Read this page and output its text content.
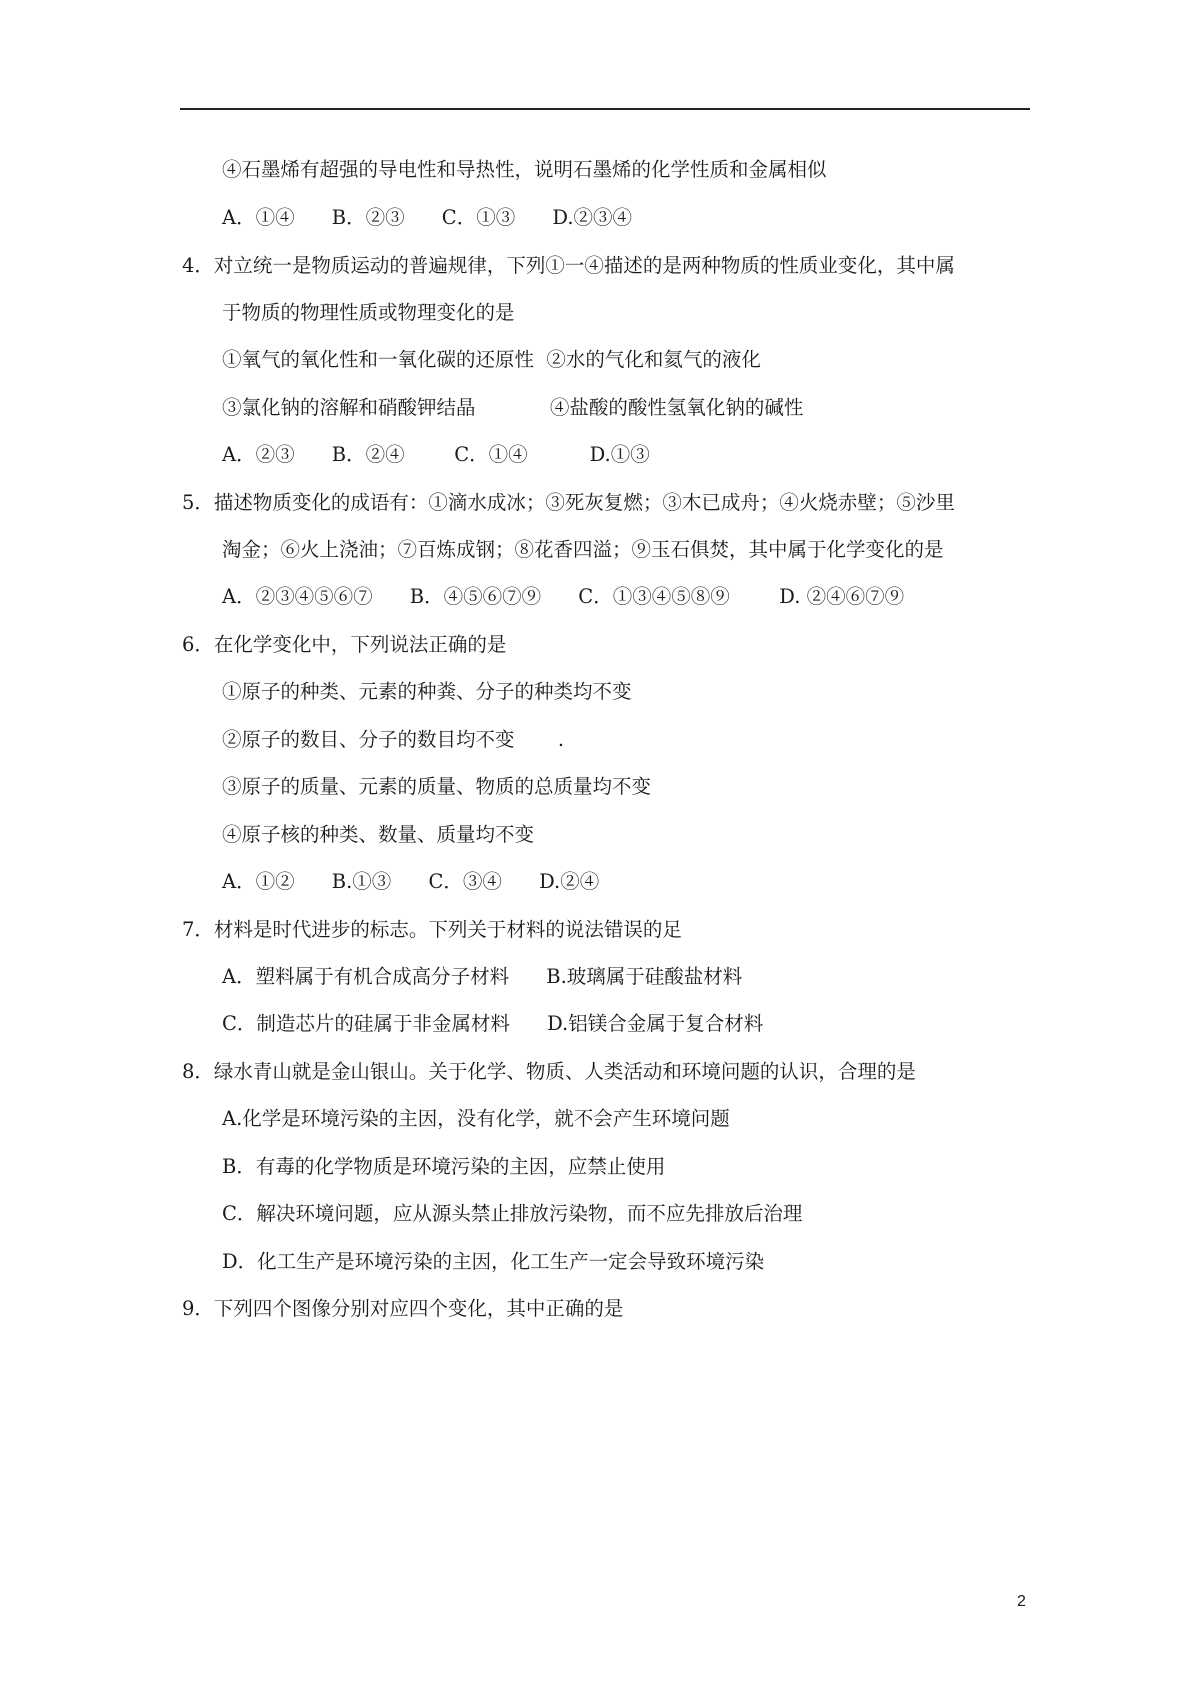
④石墨烯有超强的导电性和导热性，说明石墨烯的化学性质和金属相似
A．①④      B．②③      C．①③      D.②③④
4．对立统一是物质运动的普遍规律，下列①一④描述的是两种物质的性质业变化，其中属
于物质的物理性质或物理变化的是
①氧气的氧化性和一氧化碳的还原性  ②水的气化和氦气的液化
③氯化钠的溶解和硝酸钾结晶            ④盐酸的酸性氢氧化钠的碱性
A．②③      B．②④        C．①④          D.①③
5．描述物质变化的成语有：①滴水成冰；③死灰复燃；③木已成舟；④火烧赤壁；⑤沙里
淘金；⑥火上浇油；⑦百炼成钢；⑧花香四溢；⑨玉石俱焚，其中属于化学变化的是
A．②③④⑤⑥⑦      B．④⑤⑥⑦⑨      C．①③④⑤⑧⑨        D. ②④⑥⑦⑨
6．在化学变化中，下列说法正确的是
①原子的种类、元素的种粪、分子的种类均不变
②原子的数目、分子的数目均不变       .
③原子的质量、元素的质量、物质的总质量均不变
④原子核的种类、数量、质量均不变
A．①②      B.①③      C．③④      D.②④
7．材料是时代进步的标志。下列关于材料的说法错误的足
A．塑料属于有机合成高分子材料      B.玻璃属于硅酸盐材料
C．制造芯片的硅属于非金属材料      D.铝镁合金属于复合材料
8．绿水青山就是金山银山。关于化学、物质、人类活动和环境问题的认识，合理的是
A.化学是环境污染的主因，没有化学，就不会产生环境问题
B．有毒的化学物质是环境污染的主因，应禁止使用
C．解决环境问题，应从源头禁止排放污染物，而不应先排放后治理
D．化工生产是环境污染的主因，化工生产一定会导致环境污染
9．下列四个图像分别对应四个变化，其中正确的是
2
